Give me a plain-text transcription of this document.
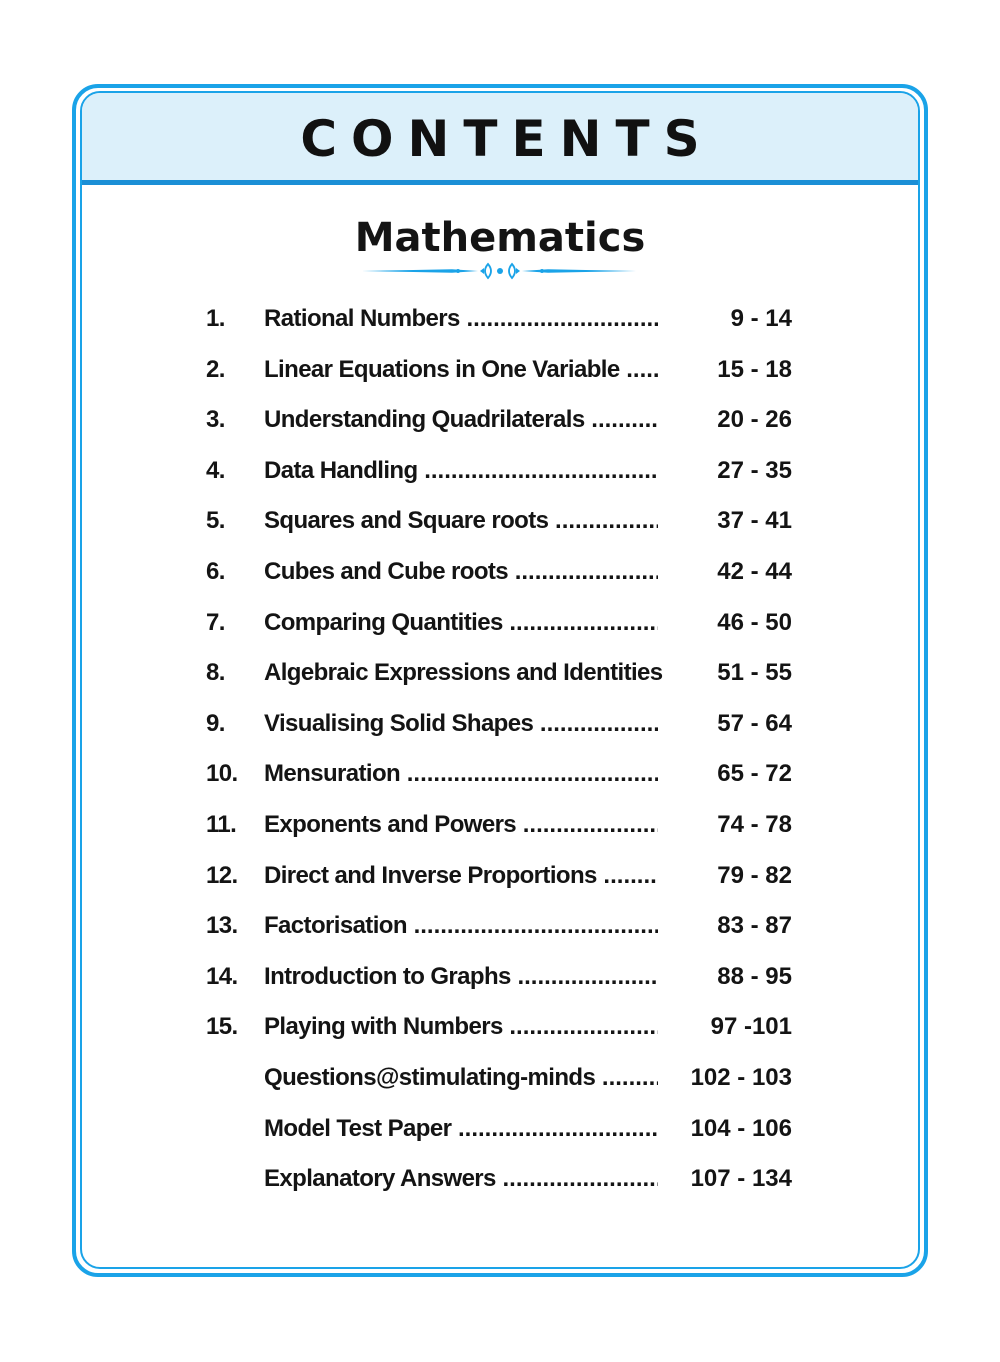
CONTENTS
Mathematics
1.	Rational Numbers .....	9 - 14
2.	Linear Equations in One Variable .....	15 - 18
3.	Understanding Quadrilaterals .....	20 - 26
4.	Data Handling .....	27 - 35
5.	Squares and Square roots .....	37 - 41
6.	Cubes and Cube roots .....	42 - 44
7.	Comparing Quantities .....	46 - 50
8.	Algebraic Expressions and Identities	51 - 55
9.	Visualising Solid Shapes .....	57 - 64
10.	Mensuration .....	65 - 72
11.	Exponents and Powers .....	74 - 78
12.	Direct and Inverse Proportions .....	79 - 82
13.	Factorisation .....	83 - 87
14.	Introduction to Graphs .....	88 - 95
15.	Playing with Numbers .....	97 -101
Questions@stimulating-minds .....	102 - 103
Model Test Paper .....	104 - 106
Explanatory Answers .....	107 - 134
